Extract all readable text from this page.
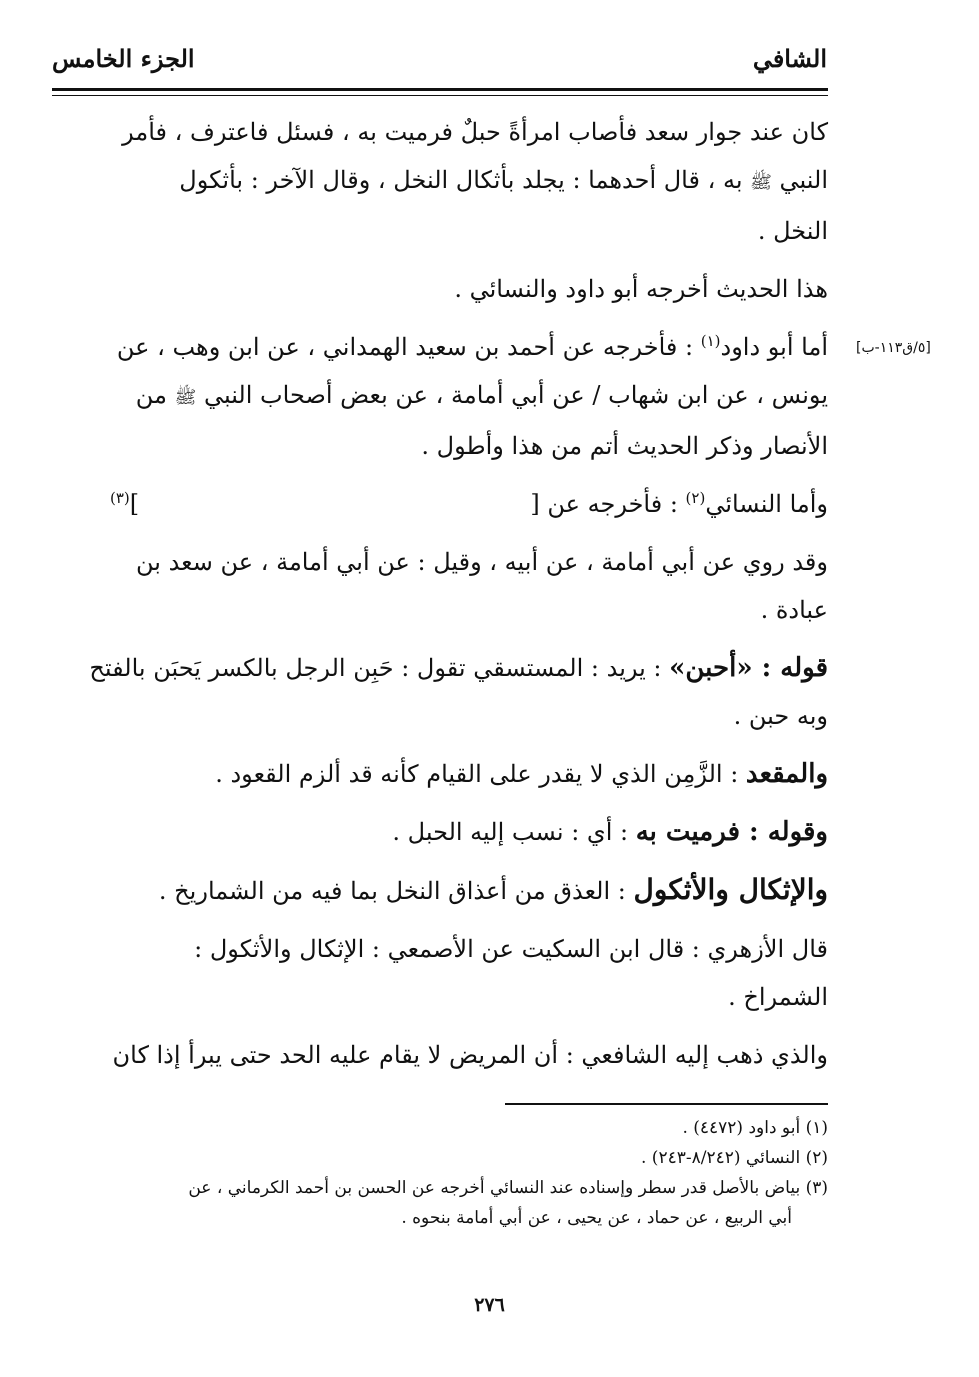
الشافي
الجزء الخامس
[٥/ق١١٣-ب]

كان عند جوار سعد فأصاب امرأةً حبلٌ فرميت به ، فسئل فاعترف ، فأمر
النبي ﷺ به ، قال أحدهما : يجلد بأثكال النخل ، وقال الآخر : بأثكول
النخل .

هذا الحديث أخرجه أبو داود والنسائي .

أما أبو داود$^{(١)}$ : فأخرجه عن أحمد بن سعيد الهمداني ، عن ابن وهب ، عن
يونس ، عن ابن شهاب / عن أبي أمامة ، عن بعض أصحاب النبي ﷺ من
الأنصار وذكر الحديث أتم من هذا وأطول .

وأما النسائي$^{(٢)}$ : فأخرجه عن [
]$^{(٣)}$

وقد روي عن أبي أمامة ، عن أبيه ، وقيل : عن أبي أمامة ، عن سعد بن
عبادة .

قوله : «أحبن» : يريد : المستسقي تقول : حَبِن الرجل بالكسر يَحبَن بالفتح
وبه حبن .

والمقعد : الزَّمِن الذي لا يقدر على القيام كأنه قد ألزم القعود .

وقوله : فرميت به : أي : نسب إليه الحبل .

والإثكال والأثكول : العذق من أعذاق النخل بما فيه من الشماريخ .

قال الأزهري : قال ابن السكيت عن الأصمعي : الإثكال والأثكول :
الشمراخ .

والذي ذهب إليه الشافعي : أن المريض لا يقام عليه الحد حتى يبرأ إذا كان

(١) أبو داود (٤٤٧٢) .

(٢) النسائي (٨/٢٤٢-٢٤٣) .

(٣) بياض بالأصل قدر سطر وإسناده عند النسائي أخرجه عن الحسن بن أحمد الكرماني ، عن

أبي الربيع ، عن حماد ، عن يحيى ، عن أبي أمامة بنحوه .

٢٧٦
